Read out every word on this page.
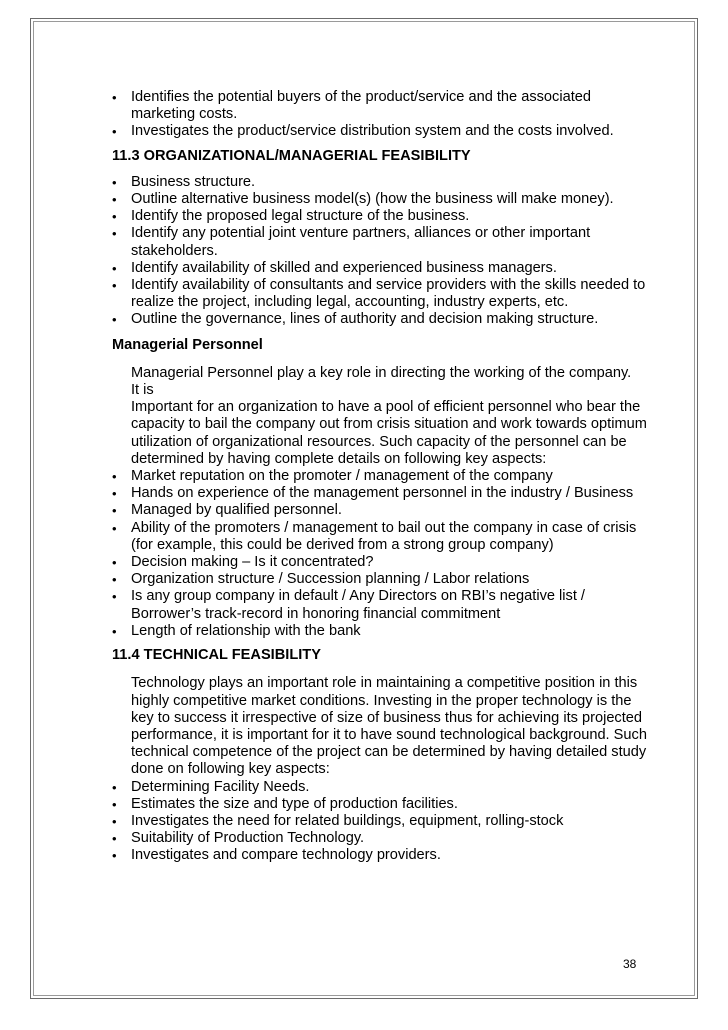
• Identifies the potential buyers of the product/service and the associated marketing costs.
• Investigates the product/service distribution system and the costs involved.
11.3 ORGANIZATIONAL/MANAGERIAL FEASIBILITY
• Business structure.
• Outline alternative business model(s) (how the business will make money).
• Identify the proposed legal structure of the business.
• Identify any potential joint venture partners, alliances or other important stakeholders.
• Identify availability of skilled and experienced business managers.
• Identify availability of consultants and service providers with the skills needed to realize the project, including legal, accounting, industry experts, etc.
• Outline the governance, lines of authority and decision making structure.
Managerial Personnel
Managerial Personnel play a key role in directing the working of the company.
It is
Important for an organization to have a pool of efficient personnel who bear the capacity to bail the company out from crisis situation and work towards optimum utilization of organizational resources. Such capacity of the personnel can be determined by having complete details on following key aspects:
• Market reputation on the promoter / management of the company
• Hands on experience of the management personnel in the industry / Business
• Managed by qualified personnel.
• Ability of the promoters / management to bail out the company in case of crisis (for example, this could be derived from a strong group company)
• Decision making – Is it concentrated?
• Organization structure / Succession planning / Labor relations
• Is any group company in default / Any Directors on RBI’s negative list / Borrower’s track-record in honoring financial commitment
• Length of relationship with the bank
11.4 TECHNICAL FEASIBILITY
Technology plays an important role in maintaining a competitive position in this highly competitive market conditions. Investing in the proper technology is the key to success it irrespective of size of business thus for achieving its projected performance, it is important for it to have sound technological background. Such technical competence of the project can be determined by having detailed study done on following key aspects:
• Determining Facility Needs.
• Estimates the size and type of production facilities.
• Investigates the need for related buildings, equipment, rolling-stock
• Suitability of Production Technology.
• Investigates and compare technology providers.
38
